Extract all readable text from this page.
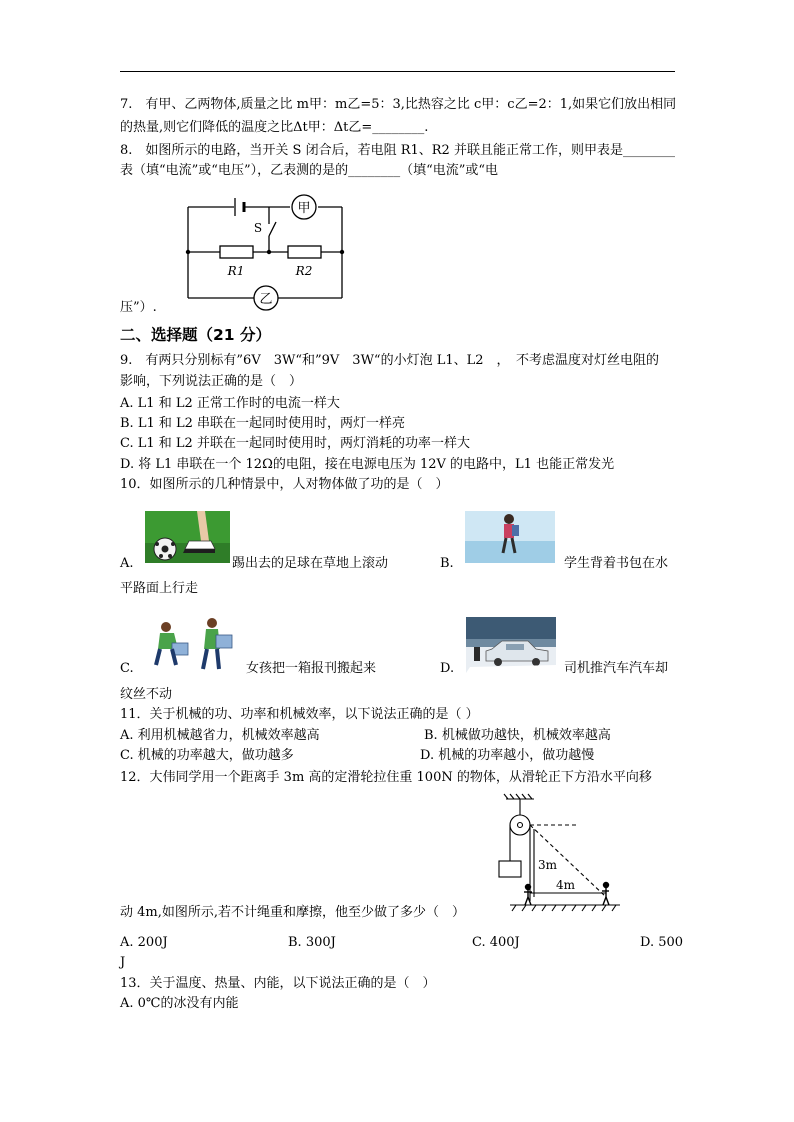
7.　有甲、乙两物体,质量之比 m甲：m乙=5：3,比热容之比 c甲：c乙=2：1,如果它们放出相同
的热量,则它们降低的温度之比Δt甲：Δt乙=________.
8.　如图所示的电路，当开关 S 闭合后，若电阻 R1、R2 并联且能正常工作，则甲表是________
表（填“电流”或“电压”），乙表测的是的________（填“电流”或“电
甲
乙
S
R1	R2
压”）.
二、选择题（21 分）
9.　有两只分别标有”6V　3W“和”9V　3W“的小灯泡 L1、L2　，　不考虑温度对灯丝电阻的
影响，下列说法正确的是（　）
A. L1 和 L2 正常工作时的电流一样大
B. L1 和 L2 串联在一起同时使用时，两灯一样亮
C. L1 和 L2 并联在一起同时使用时，两灯消耗的功率一样大
D. 将 L1 串联在一个 12Ω的电阻，接在电源电压为 12V 的电路中，L1 也能正常发光
10．如图所示的几种情景中，人对物体做了功的是（　）
A.	踢出去的足球在草地上滚动	B.	学生背着书包在水
平路面上行走
C.	女孩把一箱报刊搬起来	D.	司机推汽车汽车却
纹丝不动
11．关于机械的功、功率和机械效率，以下说法正确的是（ ）
A. 利用机械越省力，机械效率越高	B. 机械做功越快，机械效率越高
C. 机械的功率越大，做功越多	D. 机械的功率越小，做功越慢
12．大伟同学用一个距离手 3m 高的定滑轮拉住重 100N 的物体，从滑轮正下方沿水平向移
3m
4m
动 4m,如图所示,若不计绳重和摩擦，他至少做了多少（　）
A. 200J	B. 300J	C. 400J	D. 500
J
13．关于温度、热量、内能，以下说法正确的是（　）
A. 0℃的冰没有内能
